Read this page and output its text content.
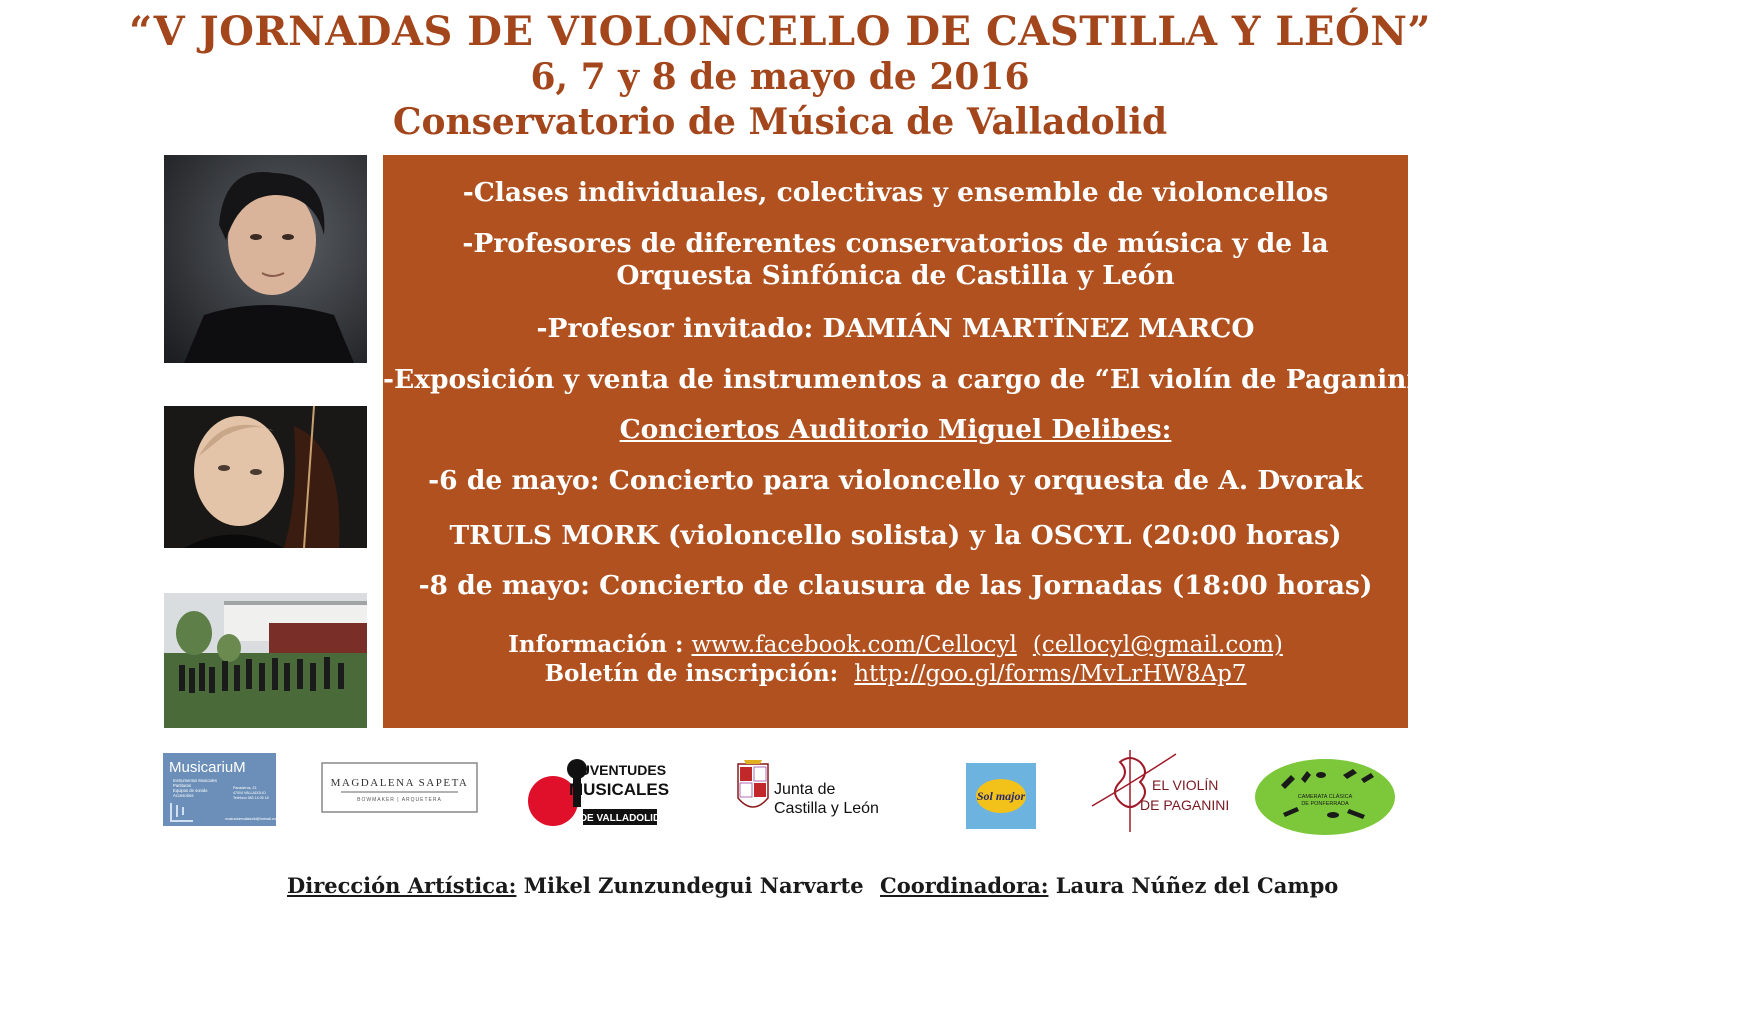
“V JORNADAS DE VIOLONCELLO DE CASTILLA Y LEÓN”
6, 7 y 8 de mayo de 2016
Conservatorio de Música de Valladolid
-Clases individuales, colectivas y ensemble de violoncellos
-Profesores de diferentes conservatorios de música y de la
Orquesta Sinfónica de Castilla y León
-Profesor invitado: DAMIÁN MARTÍNEZ MARCO
-Exposición y venta de instrumentos a cargo de “El violín de Paganini”
Conciertos Auditorio Miguel Delibes:
-6 de mayo: Concierto para violoncello y orquesta de A. Dvorak
TRULS MORK (violoncello solista) y la OSCYL (20:00 horas)
-8 de mayo: Concierto de clausura de las Jornadas (18:00 horas)
Información : www.facebook.com/Cellocyl (cellocyl@gmail.com)
Boletín de inscripción: http://goo.gl/forms/MvLrHW8Ap7
MusicariuM
Instrumentos Musicales
Partituras
Equipos de sonido
Accesorios
Panaderos, 23
47004 VALLADOLID
Teléfono 983 14 05 18
musicariumvalladolid@hotmail.com
MAGDALENA SAPETA
BOWMAKER | ARQUETERA
JUVENTUDES
MUSICALES
DE VALLADOLID
Junta de
Castilla y León
Sol major
EL VIOLÍN
DE PAGANINI	CAMERATA CLÁSICA
DE PONFERRADA
Dirección Artística: Mikel Zunzundegui Narvarte Coordinadora: Laura Núñez del Campo
